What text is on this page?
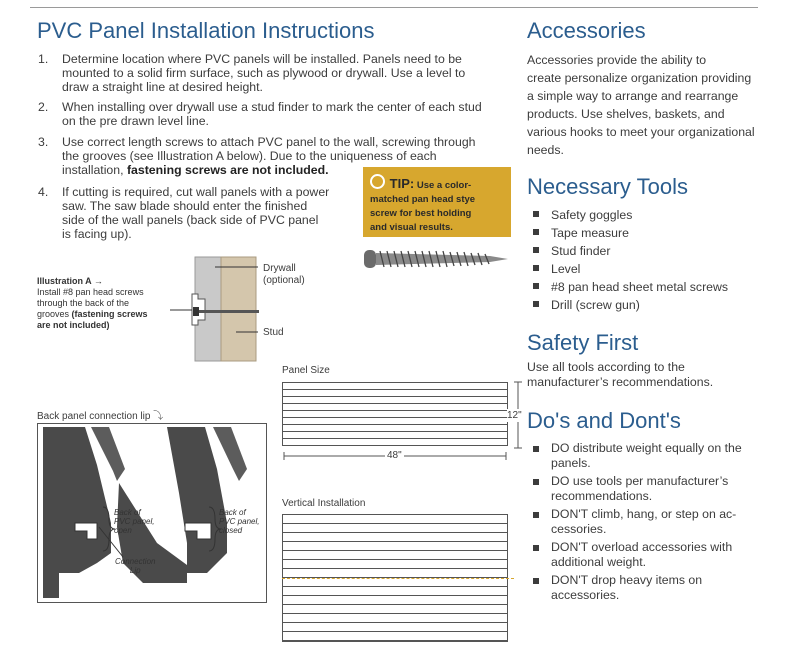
PVC Panel Installation Instructions
1. Determine location where PVC panels will be installed. Panels need to be
mounted to a solid firm surface, such as plywood or drywall. Use a level to
draw a straight line at desired height.
2. When installing over drywall use a stud finder to mark the center of each stud
on the pre drawn level line.
3. Use correct length screws to attach PVC panel to the wall, screwing through
the grooves (see Illustration A below). Due to the uniqueness of each
installation, fastening screws are not included.
4. If cutting is required, cut wall panels with a power
saw. The saw blade should enter the finished
side of the wall panels (back side of PVC panel
is facing up).
TIP: Use a color-
matched pan head stye
screw for best holding
and visual results.
Illustration A →
Install #8 pan head screws
through the back of the
grooves (fastening screws
are not included)
Drywall
(optional)
Stud
Back panel connection lip ⤵
Back of
PVC panel,
open
Back of
PVC panel,
closed
Connection
Lip
Panel Size
12"
48"
Vertical Installation
Accessories
Accessories provide the ability to
create personalize organization providing
a simple way to arrange and rearrange
products. Use shelves, baskets, and
various hooks to meet your organizational
needs.
Necessary Tools
Safety goggles
Tape measure
Stud finder
Level
#8 pan head sheet metal screws
Drill (screw gun)
Safety First
Use all tools according to the
manufacturer’s recommendations.
Do's and Dont's
DO distribute weight equally on the
panels.
DO use tools per manufacturer’s
recommendations.
DON'T climb, hang, or step on ac-
cessories.
DON'T overload accessories with
additional weight.
DON'T drop heavy items on
accessories.
